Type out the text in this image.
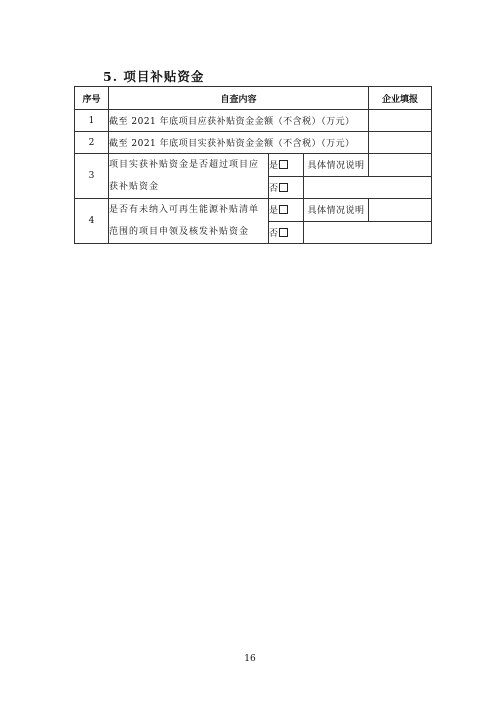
5. 项目补贴资金
序号	自查内容			企业填报
1	截至 2021 年底项目应获补贴资金金额（不含税）（万元）			
2	截至 2021 年底项目实获补贴资金金额（不含税）（万元）			
3	项目实获补贴资金是否超过项目应获补贴资金	是	具体情况说明	
		否		
4	是否有未纳入可再生能源补贴清单范围的项目申领及核发补贴资金	是	具体情况说明	
		否		
16
